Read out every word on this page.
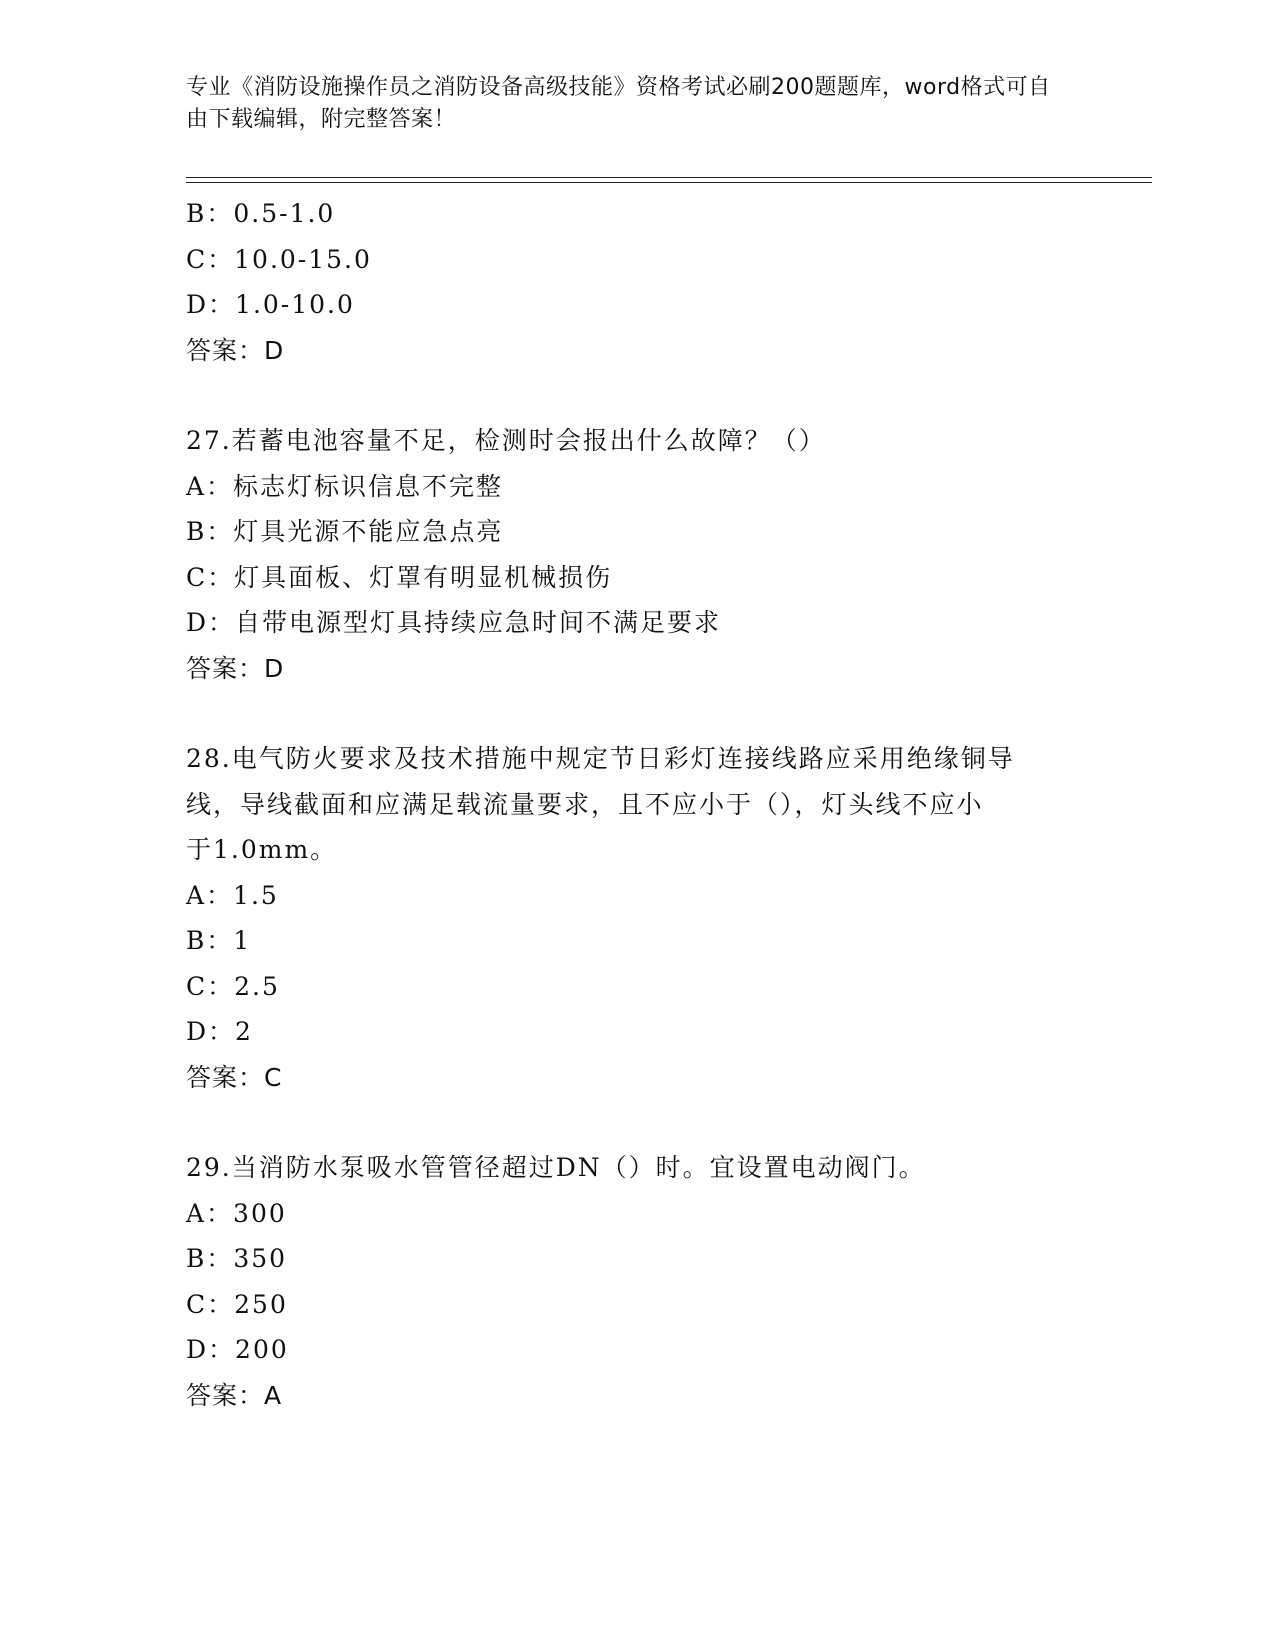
专业《消防设施操作员之消防设备高级技能》资格考试必刷200题题库，word格式可自由下载编辑，附完整答案！
B：0.5-1.0
C：10.0-15.0
D：1.0-10.0
答案：D
27.若蓄电池容量不足，检测时会报出什么故障？（）
A：标志灯标识信息不完整
B：灯具光源不能应急点亮
C：灯具面板、灯罩有明显机械损伤
D：自带电源型灯具持续应急时间不满足要求
答案：D
28.电气防火要求及技术措施中规定节日彩灯连接线路应采用绝缘铜导
线，导线截面和应满足载流量要求，且不应小于（），灯头线不应小
于1.0mm。
A：1.5
B：1
C：2.5
D：2
答案：C
29.当消防水泵吸水管管径超过DN（）时。宜设置电动阀门。
A：300
B：350
C：250
D：200
答案：A
